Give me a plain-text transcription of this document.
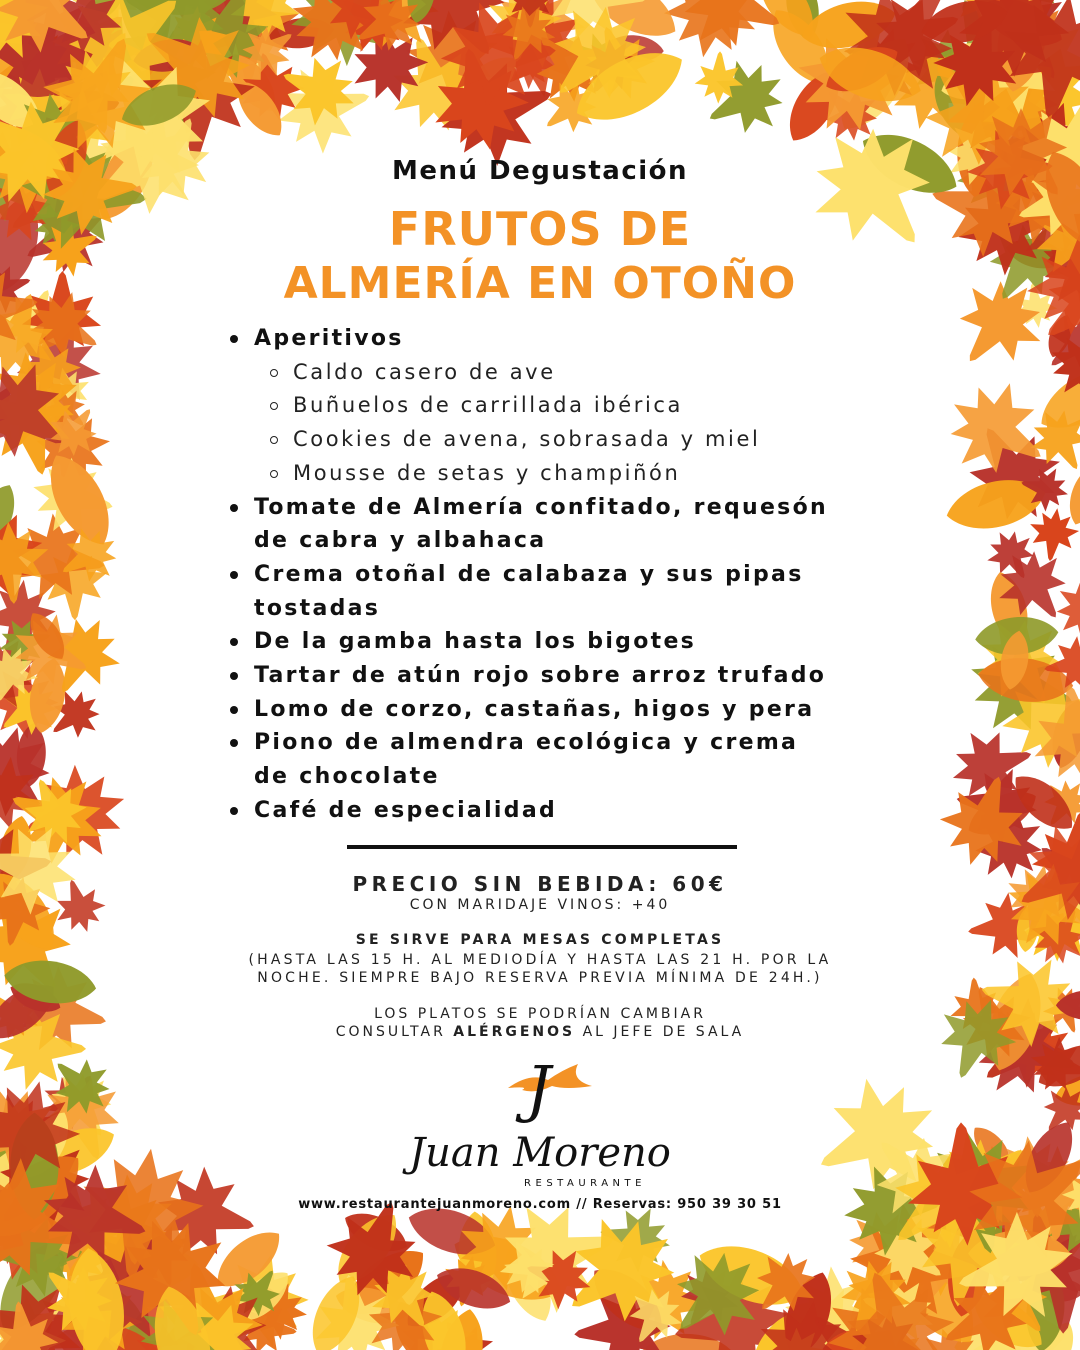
Menú Degustación
FRUTOS DE
ALMERÍA EN OTOÑO
Aperitivos
Caldo casero de ave
Buñuelos de carrillada ibérica
Cookies de avena, sobrasada y miel
Mousse de setas y champiñón
Tomate de Almería confitado, requesón
de cabra y albahaca
Crema otoñal de calabaza y sus pipas
tostadas
De la gamba hasta los bigotes
Tartar de atún rojo sobre arroz trufado
Lomo de corzo, castañas, higos y pera
Piono de almendra ecológica y crema
de chocolate
Café de especialidad
PRECIO SIN BEBIDA: 60€
CON MARIDAJE VINOS: +40
SE SIRVE PARA MESAS COMPLETAS
(HASTA LAS 15 H. AL MEDIODÍA Y HASTA LAS 21 H. POR LA
NOCHE. SIEMPRE BAJO RESERVA PREVIA MÍNIMA DE 24H.)
LOS PLATOS SE PODRÍAN CAMBIAR
CONSULTAR ALÉRGENOS AL JEFE DE SALA
J
Juan Moreno
RESTAURANTE
www.restaurantejuanmoreno.com // Reservas: 950 39 30 51
